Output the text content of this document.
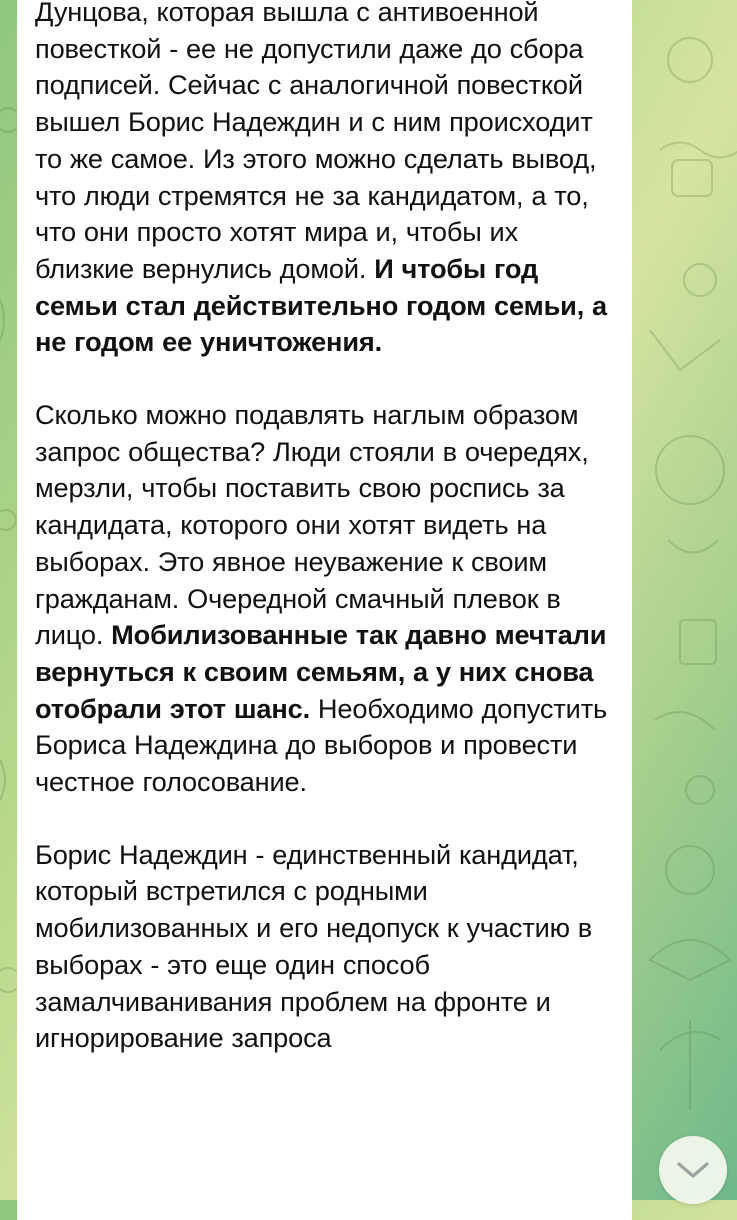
Дунцова, которая вышла с антивоенной повесткой - ее не допустили даже до сбора подписей. Сейчас с аналогичной повесткой вышел Борис Надеждин и с ним происходит то же самое. Из этого можно сделать вывод, что люди стремятся не за кандидатом, а то, что они просто хотят мира и, чтобы их близкие вернулись домой. И чтобы год семьи стал действительно годом семьи, а не годом ее уничтожения.

Сколько можно подавлять наглым образом запрос общества? Люди стояли в очередях, мерзли, чтобы поставить свою роспись за кандидата, которого они хотят видеть на выборах. Это явное неуважение к своим гражданам. Очередной смачный плевок в лицо. Мобилизованные так давно мечтали вернуться к своим семьям, а у них снова отобрали этот шанс. Необходимо допустить Бориса Надеждина до выборов и провести честное голосование.

Борис Надеждин - единственный кандидат, который встретился с родными мобилизованных и его недопуск к участию в выборах - это еще один способ замалчиванивания проблем на фронте и игнорирование запроса
